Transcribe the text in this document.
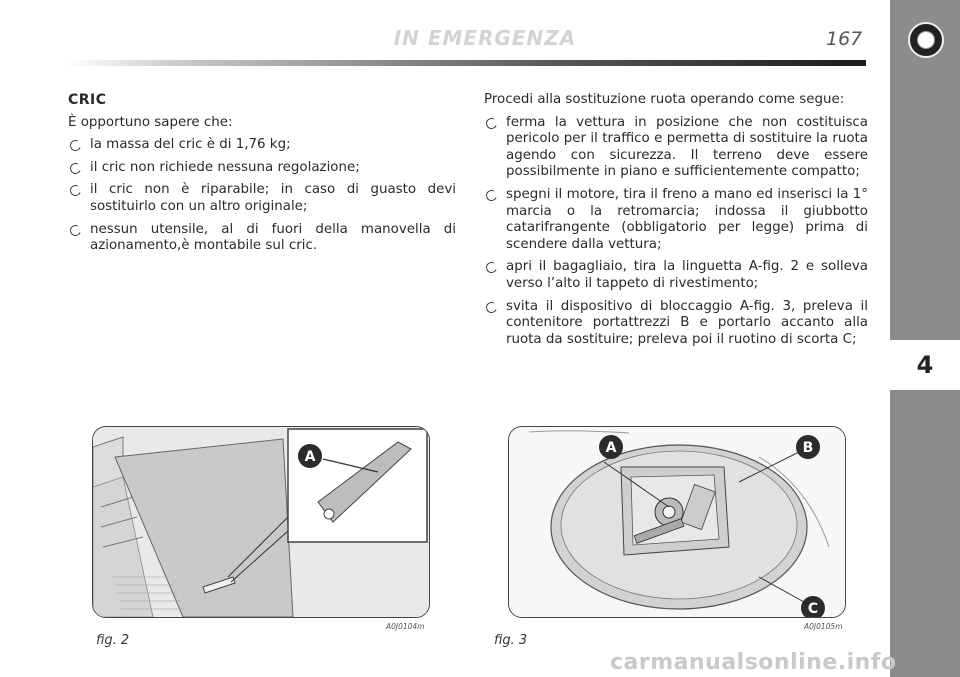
IN EMERGENZA	167
4
CRIC

È opportuno sapere che:

la massa del cric è di 1,76 kg;
il cric non richiede nessuna regolazione;
il cric non è riparabile; in caso di guasto devi sostituirlo con un altro originale;
nessun utensile, al di fuori della manovella di azionamento,è montabile sul cric.

Procedi alla sostituzione ruota operando come segue:

ferma la vettura in posizione che non costituisca pericolo per il traffico e permetta di sostituire la ruota agendo con sicurezza. Il terreno deve essere possibilmente in piano e sufficientemente compatto;
spegni il motore, tira il freno a mano ed inserisci la 1° marcia o la retromarcia; indossa il giubbotto catarifrangente (obbligatorio per legge) prima di scendere dalla vettura;
apri il bagagliaio, tira la linguetta A-fig. 2 e solleva verso l’alto il tappeto di rivestimento;
svita il dispositivo di bloccaggio A-fig. 3, preleva il contenitore portattrezzi B e portarlo accanto alla ruota da sostituire; preleva poi il ruotino di scorta C;
A
fig. 2
A0J0104m
A	B
C
fig. 3
A0J0105m
carmanualsonline.info
